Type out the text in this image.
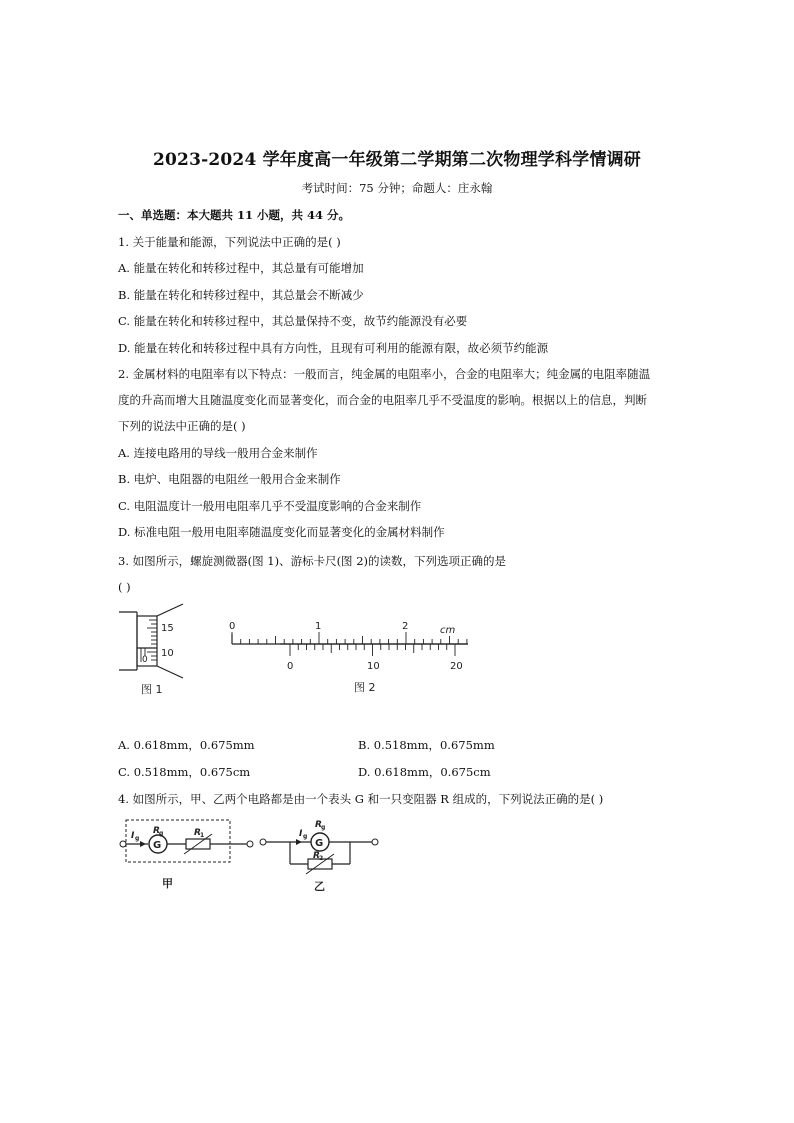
2023-2024 学年度高一年级第二学期第二次物理学科学情调研
考试时间：75 分钟；命题人：庄永翰
一、单选题：本大题共 11 小题，共 44 分。
1. 关于能量和能源，下列说法中正确的是( )
A. 能量在转化和转移过程中，其总量有可能增加
B. 能量在转化和转移过程中，其总量会不断减少
C. 能量在转化和转移过程中，其总量保持不变，故节约能源没有必要
D. 能量在转化和转移过程中具有方向性，且现有可利用的能源有限，故必须节约能源
2. 金属材料的电阻率有以下特点：一般而言，纯金属的电阻率小，合金的电阻率大；纯金属的电阻率随温
度的升高而增大且随温度变化而显著变化，而合金的电阻率几乎不受温度的影响。根据以上的信息，判断
下列的说法中正确的是( )
A. 连接电路用的导线一般用合金来制作
B. 电炉、电阻器的电阻丝一般用合金来制作
C. 电阻温度计一般用电阻率几乎不受温度影响的合金来制作
D. 标准电阻一般用电阻率随温度变化而显著变化的金属材料制作
3. 如图所示，螺旋测微器(图 1)、游标卡尺(图 2)的读数，下列选项正确的是
( )
15
10
0
图 1
0	1	2	cm
0	10	20
图 2
A. 0.618mm，0.675mm	B. 0.518mm，0.675mm
C. 0.518mm，0.675cm	D. 0.618mm，0.675cm
4. 如图所示，甲、乙两个电路都是由一个表头 G 和一只变阻器 R 组成的，下列说法正确的是( )
G
I g
R g	R 1
甲
G
I g
R g
R 2
乙
